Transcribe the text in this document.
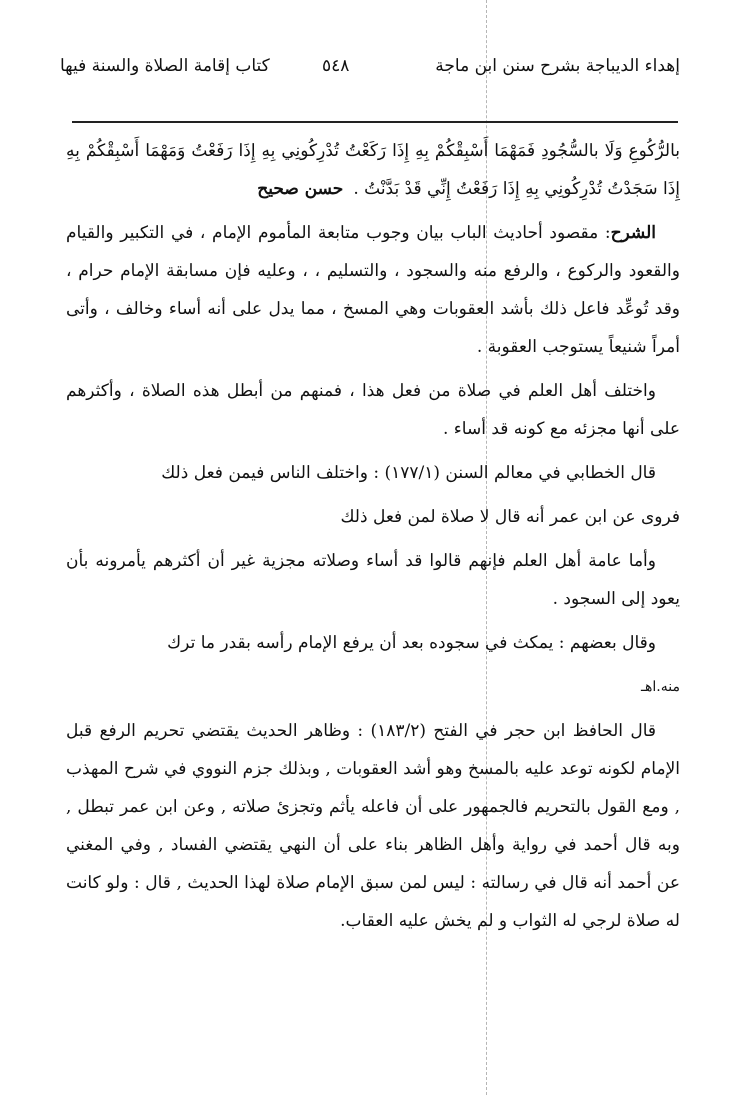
إهداء الديباجة بشرح سنن ابن ماجة
٥٤٨
كتاب إقامة الصلاة والسنة فيها

بالرُّكُوعِ وَلَا بالسُّجُودِ فَمَهْمَا أَسْبِقْكُمْ بِهِ إِذَا رَكَعْتُ تُدْرِكُونِي بِهِ إِذَا رَفَعْتُ وَمَهْمَا أَسْبِقْكُمْ بِهِ إِذَا سَجَدْتُ تُدْرِكُونِي بِهِ إِذَا رَفَعْتُ إِنِّي قَدْ بَدَّنْتُ .حسن صحيح

الشرح: مقصود أحاديث الباب بيان وجوب متابعة المأموم الإمام ، في التكبير والقيام والقعود والركوع ، والرفع منه والسجود ، والتسليم ، ، وعليه فإن مسابقة الإمام حرام ، وقد تُوعِّد فاعل ذلك بأشد العقوبات وهي المسخ ، مما يدل على أنه أساء وخالف ، وأتى أمراً شنيعاً يستوجب العقوبة .

واختلف أهل العلم في صلاة من فعل هذا ، فمنهم من أبطل هذه الصلاة ، وأكثرهم على أنها مجزئه مع كونه قد أساء .

قال الخطابي في معالم السنن (١٧٧/١) : واختلف الناس فيمن فعل ذلك

فروى عن ابن عمر أنه قال لا صلاة لمن فعل ذلك

وأما عامة أهل العلم فإنهم قالوا قد أساء وصلاته مجزية غير أن أكثرهم يأمرونه بأن يعود إلى السجود .

وقال بعضهم : يمكث في سجوده بعد أن يرفع الإمام رأسه بقدر ما ترك

منه.اهـ

قال الحافظ ابن حجر في الفتح (١٨٣/٢) : وظاهر الحديث يقتضي تحريم الرفع قبل الإمام لكونه توعد عليه بالمسخ وهو أشد العقوبات , وبذلك جزم النووي في شرح المهذب , ومع القول بالتحريم فالجمهور على أن فاعله يأثم وتجزئ صلاته , وعن ابن عمر تبطل , وبه قال أحمد في رواية وأهل الظاهر بناء على أن النهي يقتضي الفساد , وفي المغني عن أحمد أنه قال في رسالته : ليس لمن سبق الإمام صلاة لهذا الحديث , قال : ولو كانت له صلاة لرجي له الثواب و لم يخش عليه العقاب.
